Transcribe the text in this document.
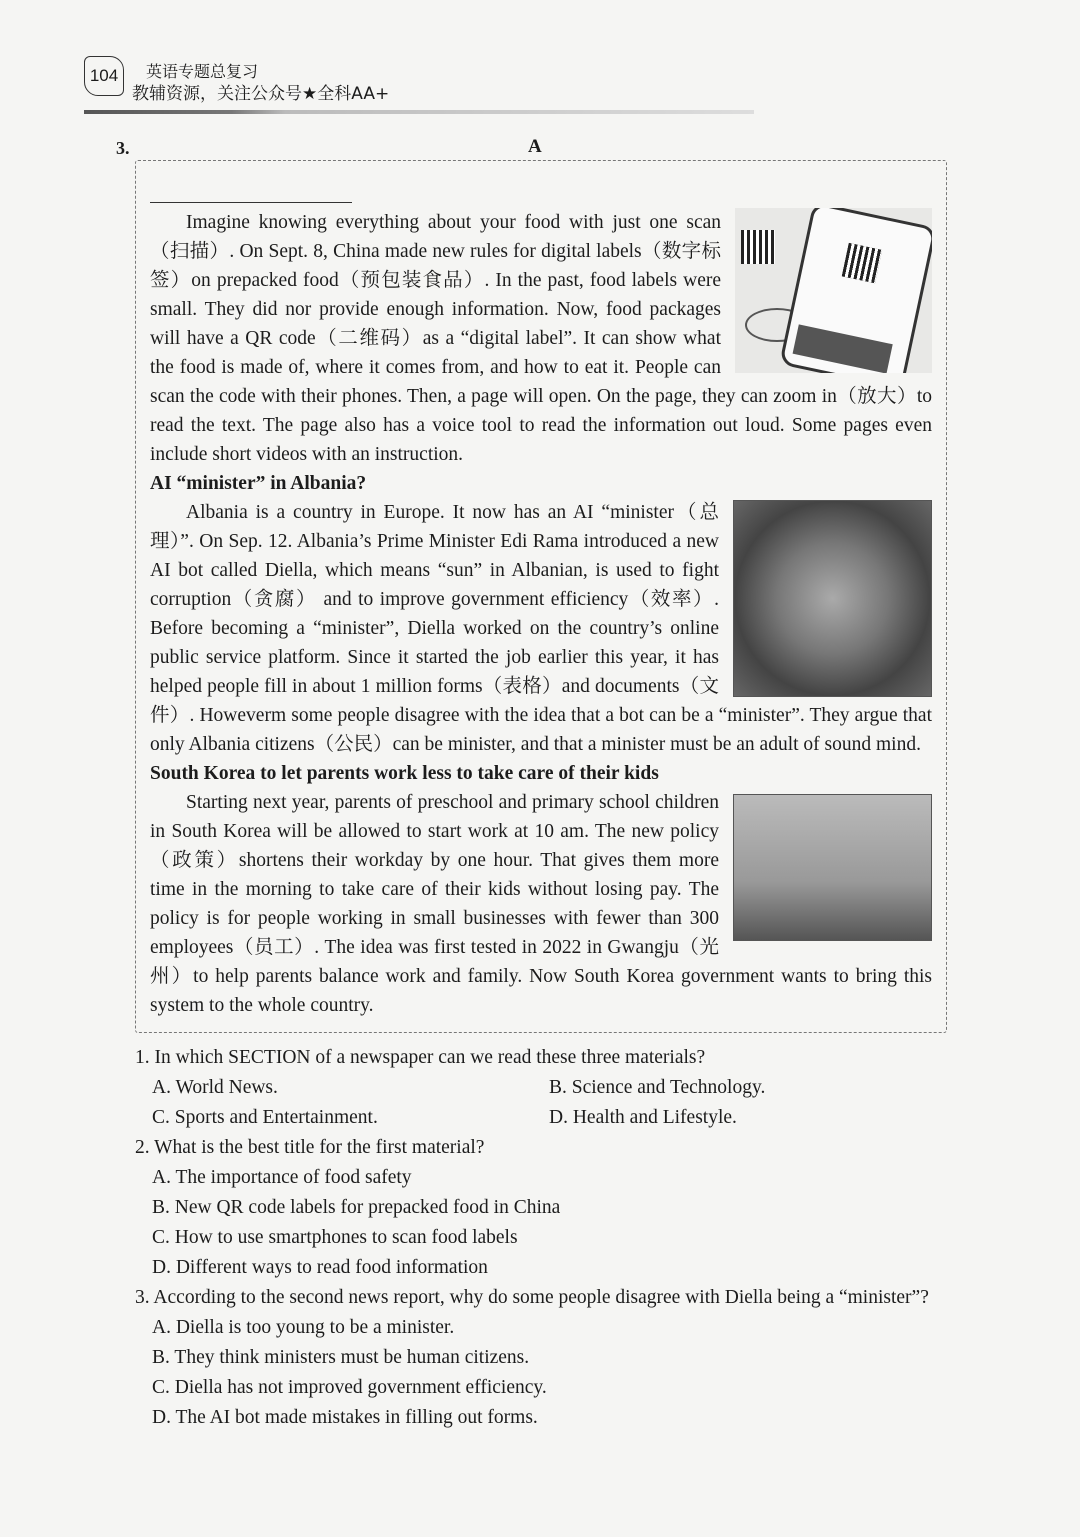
104	英语专题总复习
教辅资源，关注公众号★全科AA+
3.	A

Imagine knowing everything about your food with just one scan（扫描）. On Sept. 8, China made new rules for digital labels（数字标签）on prepacked food（预包装食品）. In the past, food labels were small. They did nor provide enough information. Now, food packages will have a QR code（二维码）as a “digital label”. It can show what the food is made of, where it comes from, and how to eat it. People can scan the code with their phones. Then, a page will open. On the page, they can zoom in（放大）to read the text. The page also has a voice tool to read the information out loud. Some pages even include short videos with an instruction.

AI “minister” in Albania?

Albania is a country in Europe. It now has an AI “minister（总理）”. On Sep. 12. Albania’s Prime Minister Edi Rama introduced a new AI bot called Diella, which means “sun” in Albanian, is used to fight corruption（贪腐） and to improve government efficiency（效率）. Before becoming a “minister”, Diella worked on the country’s online public service platform. Since it started the job earlier this year, it has helped people fill in about 1 million forms（表格）and documents（文件）. Howeverm some people disagree with the idea that a bot can be a “minister”. They argue that only Albania citizens（公民）can be minister, and that a minister must be an adult of sound mind.

South Korea to let parents work less to take care of their kids

Starting next year, parents of preschool and primary school children in South Korea will be allowed to start work at 10 am. The new policy（政策）shortens their workday by one hour. That gives them more time in the morning to take care of their kids without losing pay. The policy is for people working in small businesses with fewer than 300 employees（员工）. The idea was first tested in 2022 in Gwangju（光州）to help parents balance work and family. Now South Korea government wants to bring this system to the whole country.

1. In which SECTION of a newspaper can we read these three materials?

A. World News.	B. Science and Technology.

C. Sports and Entertainment.	D. Health and Lifestyle.

2. What is the best title for the first material?

A. The importance of food safety

B. New QR code labels for prepacked food in China

C. How to use smartphones to scan food labels

D. Different ways to read food information

3. According to the second news report, why do some people disagree with Diella being a “minister”?

A. Diella is too young to be a minister.

B. They think ministers must be human citizens.

C. Diella has not improved government efficiency.

D. The AI bot made mistakes in filling out forms.
